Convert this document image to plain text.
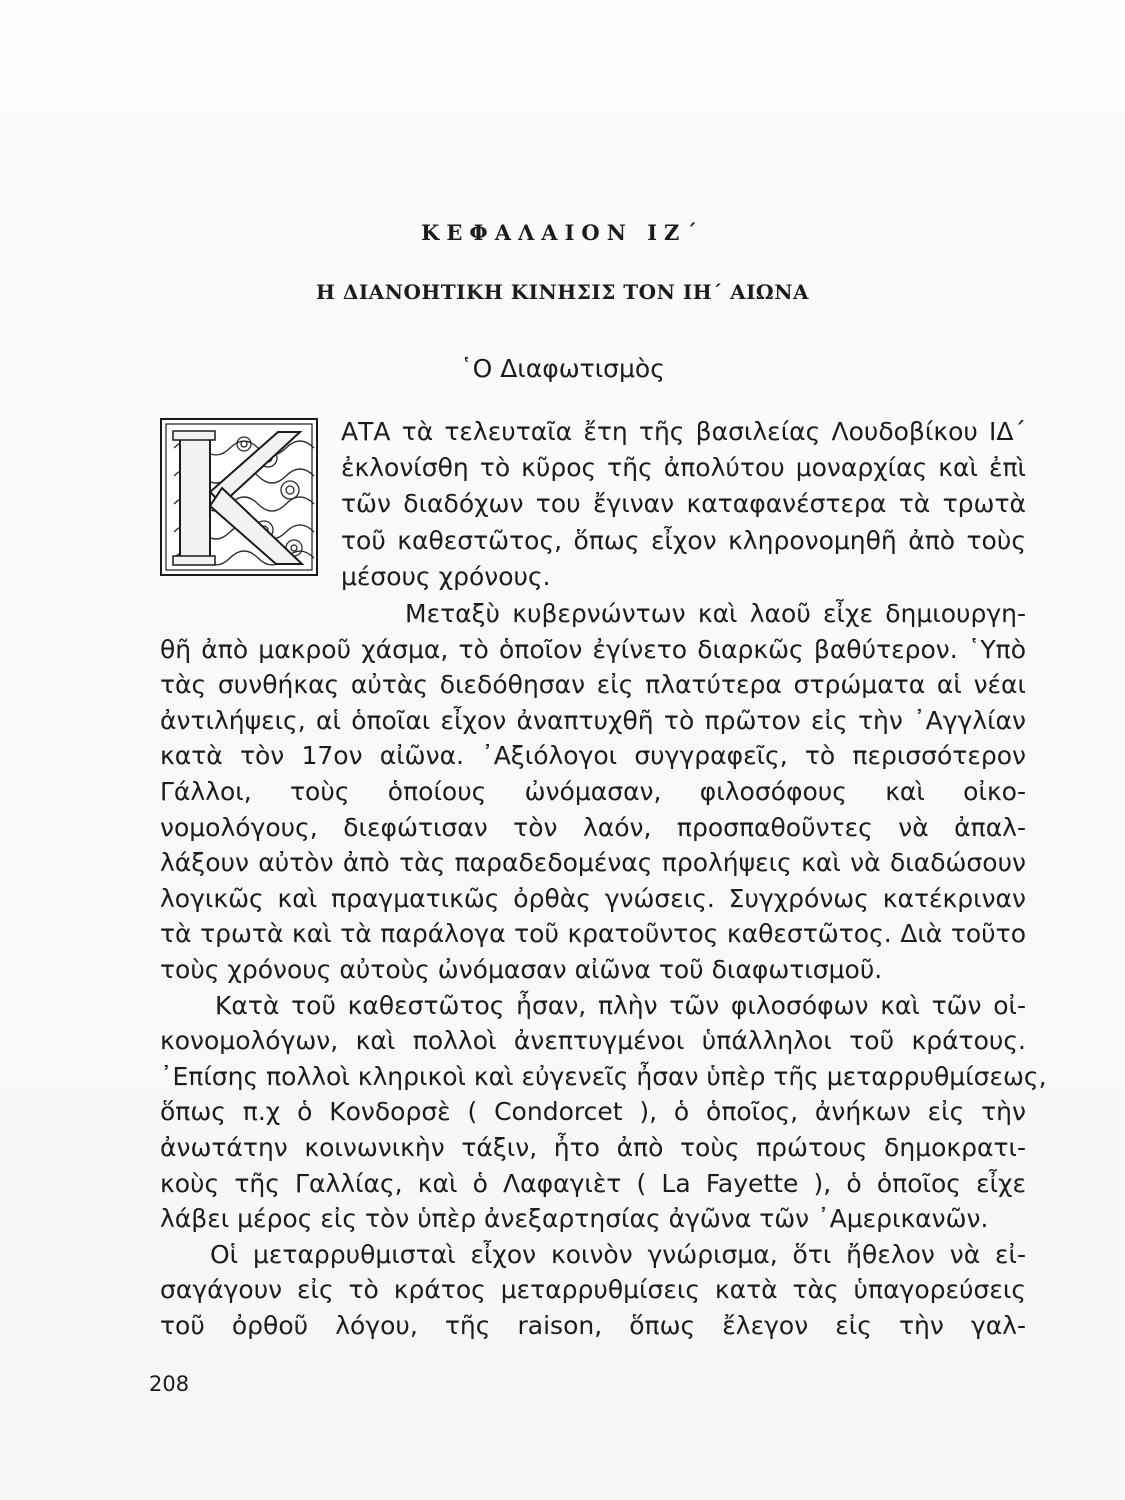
ΚΕΦΑΛΑΙΟΝ ΙΖ΄
Η ΔΙΑΝΟΗΤΙΚΗ ΚΙΝΗΣΙΣ ΤΟΝ ΙΗ΄ ΑΙΩΝΑ
῾Ο Διαφωτισμὸς
ΑΤΑ τὰ τελευταῖα ἔτη τῆς βασιλείας Λουδοβίκου ΙΔ΄
ἐκλονίσθη τὸ κῦρος τῆς ἀπολύτου μοναρχίας καὶ ἐπὶ
τῶν διαδόχων του ἔγιναν καταφανέστερα τὰ τρωτὰ
τοῦ καθεστῶτος, ὅπως εἶχον κληρονομηθῆ ἀπὸ τοὺς
μέσους χρόνους.
Μεταξὺ κυβερνώντων καὶ λαοῦ εἶχε δημιουργη-
θῆ ἀπὸ μακροῦ χάσμα, τὸ ὁποῖον ἐγίνετο διαρκῶς βαθύτερον. ῾Υπὸ
τὰς συνθήκας αὐτὰς διεδόθησαν εἰς πλατύτερα στρώματα αἱ νέαι
ἀντιλήψεις, αἱ ὁποῖαι εἶχον ἀναπτυχθῆ τὸ πρῶτον εἰς τὴν ᾿Αγγλίαν
κατὰ τὸν 17ον αἰῶνα. ᾿Αξιόλογοι συγγραφεῖς, τὸ περισσότερον
Γάλλοι, τοὺς ὁποίους ὠνόμασαν, φιλοσόφους καὶ οἰκο-
νομολόγους, διεφώτισαν τὸν λαόν, προσπαθοῦντες νὰ ἀπαλ-
λάξουν αὐτὸν ἀπὸ τὰς παραδεδομένας προλήψεις καὶ νὰ διαδώσουν
λογικῶς καὶ πραγματικῶς ὀρθὰς γνώσεις. Συγχρόνως κατέκριναν
τὰ τρωτὰ καὶ τὰ παράλογα τοῦ κρατοῦντος καθεστῶτος. Διὰ τοῦτο
τοὺς χρόνους αὐτοὺς ὠνόμασαν αἰῶνα τοῦ διαφωτισμοῦ.
Κατὰ τοῦ καθεστῶτος ἦσαν, πλὴν τῶν φιλοσόφων καὶ τῶν οἰ-
κονομολόγων, καὶ πολλοὶ ἀνεπτυγμένοι ὑπάλληλοι τοῦ κράτους.
᾿Επίσης πολλοὶ κληρικοὶ καὶ εὐγενεῖς ἦσαν ὑπὲρ τῆς μεταρρυθμίσεως,
ὅπως π.χ ὁ Κονδορσὲ ( Condorcet ), ὁ ὁποῖος, ἀνήκων εἰς τὴν
ἀνωτάτην κοινωνικὴν τάξιν, ἦτο ἀπὸ τοὺς πρώτους δημοκρατι-
κοὺς τῆς Γαλλίας, καὶ ὁ Λαφαγιὲτ ( La Fayette ), ὁ ὁποῖος εἶχε
λάβει μέρος εἰς τὸν ὑπὲρ ἀνεξαρτησίας ἀγῶνα τῶν ᾿Αμερικανῶν.
Οἱ μεταρρυθμισταὶ εἶχον κοινὸν γνώρισμα, ὅτι ἤθελον νὰ εἰ-
σαγάγουν εἰς τὸ κράτος μεταρρυθμίσεις κατὰ τὰς ὑπαγορεύσεις
τοῦ ὀρθοῦ λόγου, τῆς raison, ὅπως ἔλεγον εἰς τὴν γαλ-
208
